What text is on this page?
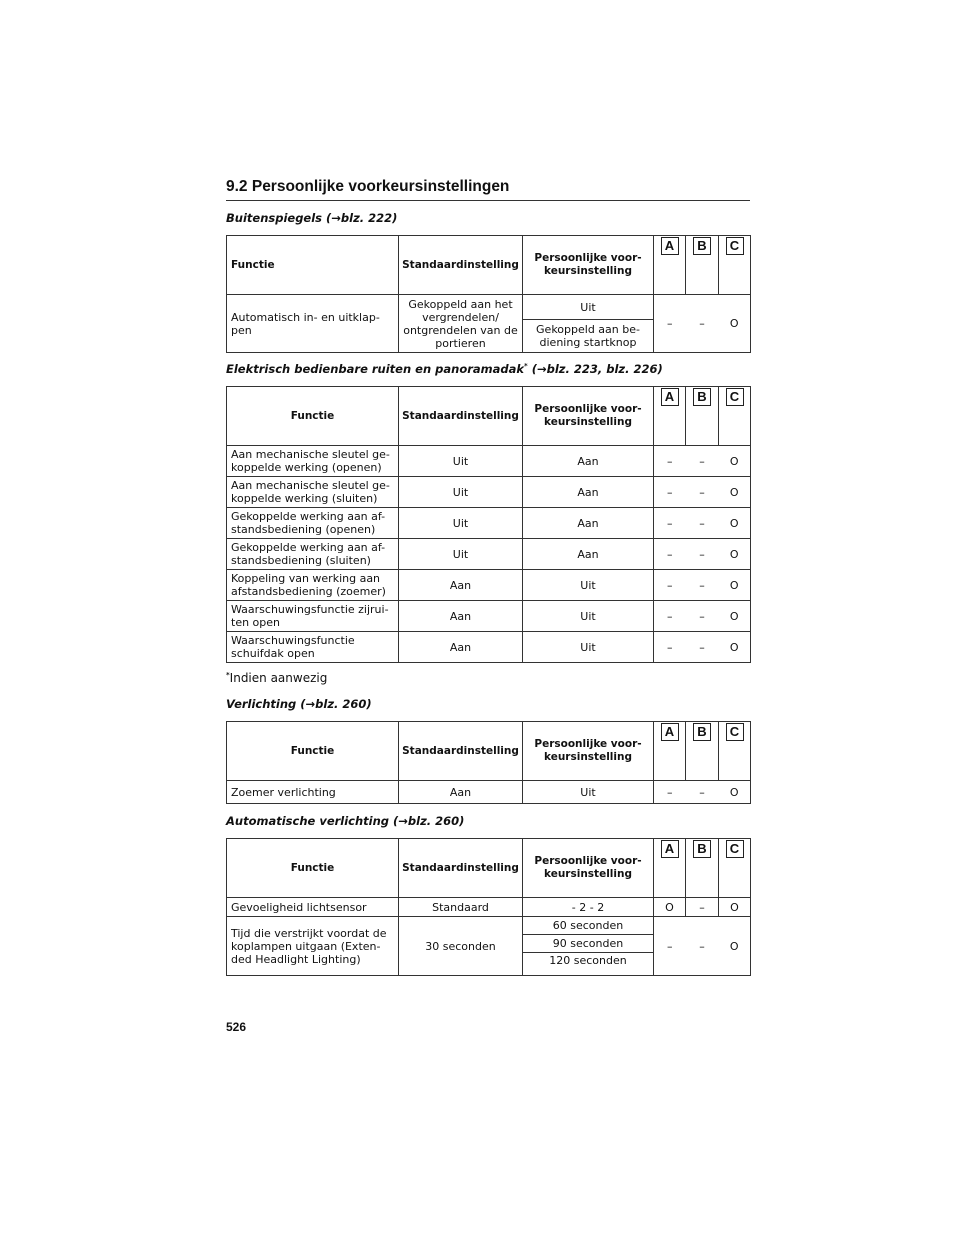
9.2 Persoonlijke voorkeursinstellingen
Buitenspiegels (→blz. 222)
Functie	Standaardinstelling	Persoonlijke voor-
keursinstelling	A	B	C
Automatisch in- en uitklap-
pen	Gekoppeld aan het
vergrendelen/
ontgrendelen van de
portieren	Uit	–	–	O
		Gekoppeld aan be-
diening startknop			
Elektrisch bedienbare ruiten en panoramadak* (→blz. 223, blz. 226)
Functie	Standaardinstelling	Persoonlijke voor-
keursinstelling	A	B	C
Aan mechanische sleutel ge-
koppelde werking (openen)	Uit	Aan	–	–	O
Aan mechanische sleutel ge-
koppelde werking (sluiten)	Uit	Aan	–	–	O
Gekoppelde werking aan af-
standsbediening (openen)	Uit	Aan	–	–	O
Gekoppelde werking aan af-
standsbediening (sluiten)	Uit	Aan	–	–	O
Koppeling van werking aan
afstandsbediening (zoemer)	Aan	Uit	–	–	O
Waarschuwingsfunctie zijrui-
ten open	Aan	Uit	–	–	O
Waarschuwingsfunctie
schuifdak open	Aan	Uit	–	–	O
*Indien aanwezig
Verlichting (→blz. 260)
Functie	Standaardinstelling	Persoonlijke voor-
keursinstelling	A	B	C
Zoemer verlichting	Aan	Uit	–	–	O
Automatische verlichting (→blz. 260)
Functie	Standaardinstelling	Persoonlijke voor-
keursinstelling	A	B	C
Gevoeligheid lichtsensor	Standaard	- 2 - 2	O	–	O
Tijd die verstrijkt voordat de
koplampen uitgaan (Exten-
ded Headlight Lighting)	30 seconden	60 seconden	–	–	O
		90 seconden			
		120 seconden			
526
